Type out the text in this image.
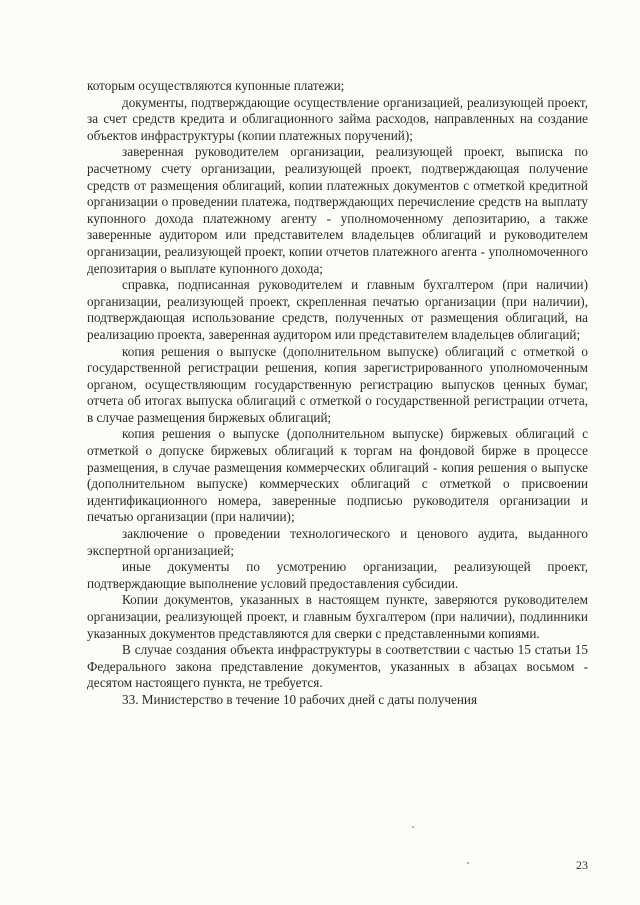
которым осуществляются купонные платежи;

документы, подтверждающие осуществление организацией, реализующей проект, за счет средств кредита и облигационного займа расходов, направленных на создание объектов инфраструктуры (копии платежных поручений);

заверенная руководителем организации, реализующей проект, выписка по расчетному счету организации, реализующей проект, подтверждающая получение средств от размещения облигаций, копии платежных документов с отметкой кредитной организации о проведении платежа, подтверждающих перечисление средств на выплату купонного дохода платежному агенту - уполномоченному депозитарию, а также заверенные аудитором или представителем владельцев облигаций и руководителем организации, реализующей проект, копии отчетов платежного агента - уполномоченного депозитария о выплате купонного дохода;

справка, подписанная руководителем и главным бухгалтером (при наличии) организации, реализующей проект, скрепленная печатью организации (при наличии), подтверждающая использование средств, полученных от размещения облигаций, на реализацию проекта, заверенная аудитором или представителем владельцев облигаций;

копия решения о выпуске (дополнительном выпуске) облигаций с отметкой о государственной регистрации решения, копия зарегистрированного уполномоченным органом, осуществляющим государственную регистрацию выпусков ценных бумаг, отчета об итогах выпуска облигаций с отметкой о государственной регистрации отчета, в случае размещения биржевых облигаций;

копия решения о выпуске (дополнительном выпуске) биржевых облигаций с отметкой о допуске биржевых облигаций к торгам на фондовой бирже в процессе размещения, в случае размещения коммерческих облигаций - копия решения о выпуске (дополнительном выпуске) коммерческих облигаций с отметкой о присвоении идентификационного номера, заверенные подписью руководителя организации и печатью организации (при наличии);

заключение о проведении технологического и ценового аудита, выданного экспертной организацией;

иные документы по усмотрению организации, реализующей проект, подтверждающие выполнение условий предоставления субсидии.

Копии документов, указанных в настоящем пункте, заверяются руководителем организации, реализующей проект, и главным бухгалтером (при наличии), подлинники указанных документов представляются для сверки с представленными копиями.

В случае создания объекта инфраструктуры в соответствии с частью 15 статьи 15 Федерального закона представление документов, указанных в абзацах восьмом - десятом настоящего пункта, не требуется.

33. Министерство в течение 10 рабочих дней с даты получения

23
